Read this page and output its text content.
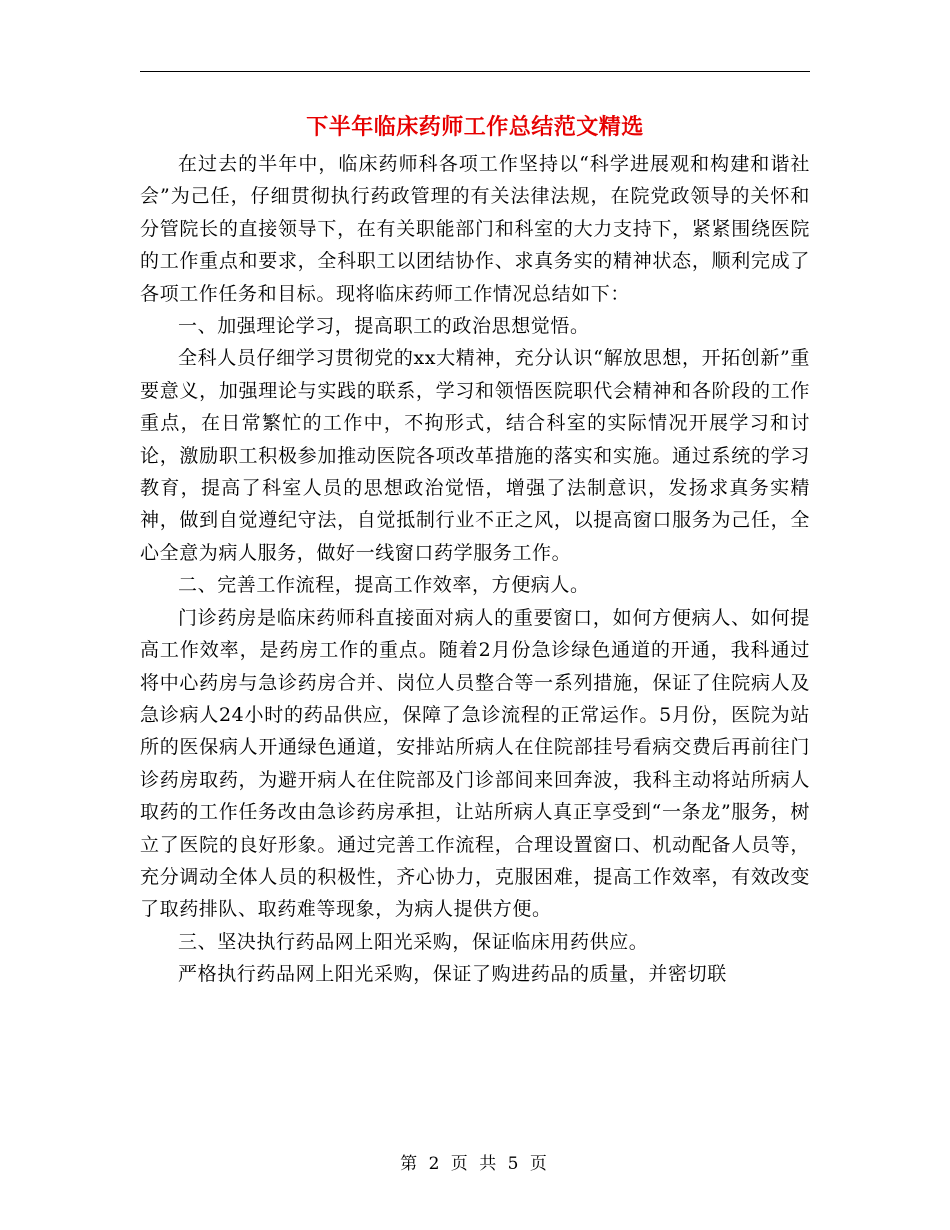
下半年临床药师工作总结范文精选

在过去的半年中，临床药师科各项工作坚持以“科学进展观和构建和谐社会”为己任，仔细贯彻执行药政管理的有关法律法规，在院党政领导的关怀和分管院长的直接领导下，在有关职能部门和科室的大力支持下，紧紧围绕医院的工作重点和要求，全科职工以团结协作、求真务实的精神状态，顺利完成了各项工作任务和目标。现将临床药师工作情况总结如下：

一、加强理论学习，提高职工的政治思想觉悟。

全科人员仔细学习贯彻党的xx大精神，充分认识“解放思想，开拓创新”重要意义，加强理论与实践的联系，学习和领悟医院职代会精神和各阶段的工作重点，在日常繁忙的工作中，不拘形式，结合科室的实际情况开展学习和讨论，激励职工积极参加推动医院各项改革措施的落实和实施。通过系统的学习教育，提高了科室人员的思想政治觉悟，增强了法制意识，发扬求真务实精神，做到自觉遵纪守法，自觉抵制行业不正之风，以提高窗口服务为己任，全心全意为病人服务，做好一线窗口药学服务工作。

二、完善工作流程，提高工作效率，方便病人。

门诊药房是临床药师科直接面对病人的重要窗口，如何方便病人、如何提高工作效率，是药房工作的重点。随着2月份急诊绿色通道的开通，我科通过将中心药房与急诊药房合并、岗位人员整合等一系列措施，保证了住院病人及急诊病人24小时的药品供应，保障了急诊流程的正常运作。5月份，医院为站所的医保病人开通绿色通道，安排站所病人在住院部挂号看病交费后再前往门诊药房取药，为避开病人在住院部及门诊部间来回奔波，我科主动将站所病人取药的工作任务改由急诊药房承担，让站所病人真正享受到“一条龙”服务，树立了医院的良好形象。通过完善工作流程，合理设置窗口、机动配备人员等，充分调动全体人员的积极性，齐心协力，克服困难，提高工作效率，有效改变了取药排队、取药难等现象，为病人提供方便。

三、坚决执行药品网上阳光采购，保证临床用药供应。

严格执行药品网上阳光采购，保证了购进药品的质量，并密切联

第 2 页 共 5 页
